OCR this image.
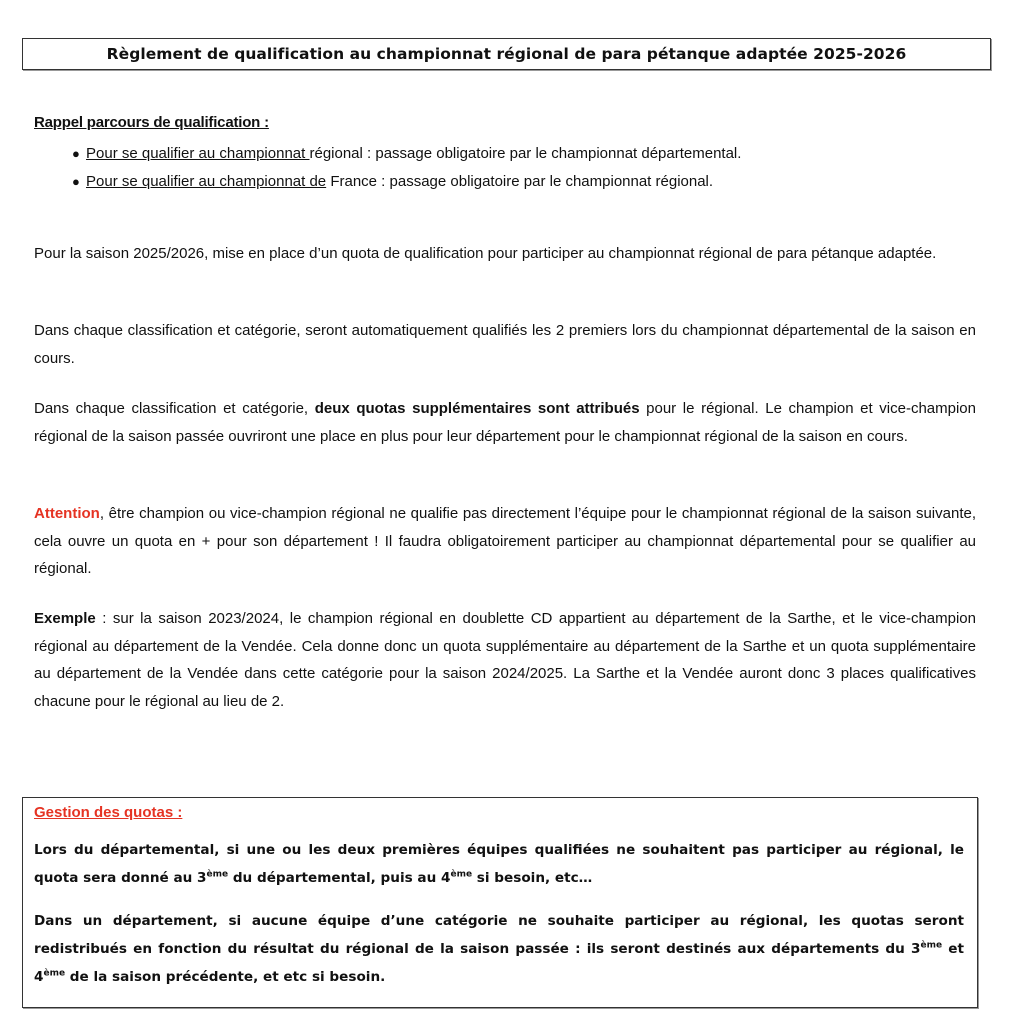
Règlement de qualification au championnat régional de para pétanque adaptée 2025-2026
Rappel parcours de qualification :
● Pour se qualifier au championnat régional : passage obligatoire par le championnat départemental.
● Pour se qualifier au championnat de France : passage obligatoire par le championnat régional.

Pour la saison 2025/2026, mise en place d’un quota de qualification pour participer au championnat régional de para pétanque adaptée.

Dans chaque classification et catégorie, seront automatiquement qualifiés les 2 premiers lors du championnat départemental de la saison en cours.

Dans chaque classification et catégorie, deux quotas supplémentaires sont attribués pour le régional. Le champion et vice-champion régional de la saison passée ouvriront une place en plus pour leur département pour le championnat régional de la saison en cours.

Attention, être champion ou vice-champion régional ne qualifie pas directement l’équipe pour le championnat régional de la saison suivante, cela ouvre un quota en + pour son département ! Il faudra obligatoirement participer au championnat départemental pour se qualifier au régional.

Exemple : sur la saison 2023/2024, le champion régional en doublette CD appartient au département de la Sarthe, et le vice-champion régional au département de la Vendée. Cela donne donc un quota supplémentaire au département de la Sarthe et un quota supplémentaire au département de la Vendée dans cette catégorie pour la saison 2024/2025. La Sarthe et la Vendée auront donc 3 places qualificatives chacune pour le régional au lieu de 2.

Gestion des quotas :

Lors du départemental, si une ou les deux premières équipes qualifiées ne souhaitent pas participer au régional, le quota sera donné au 3ème du départemental, puis au 4ème si besoin, etc…

Dans un département, si aucune équipe d’une catégorie ne souhaite participer au régional, les quotas seront redistribués en fonction du résultat du régional de la saison passée : ils seront destinés aux départements du 3ème et 4ème de la saison précédente, et etc si besoin.
